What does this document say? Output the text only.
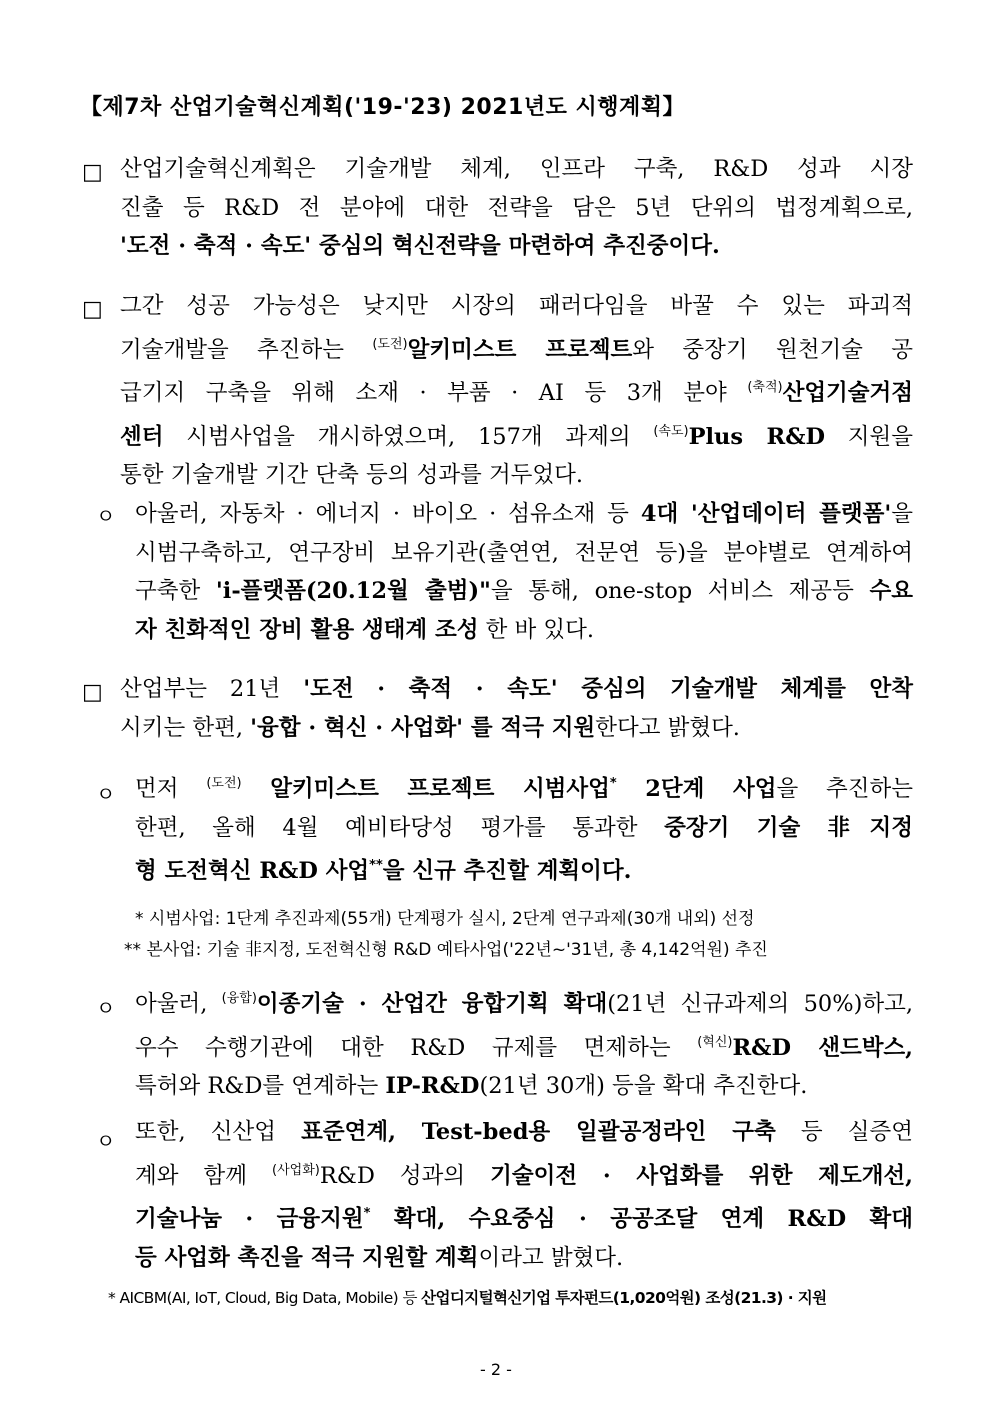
【제7차 산업기술혁신계획('19-'23) 2021년도 시행계획】
□ 산업기술혁신계획은 기술개발 체계, 인프라 구축, R&D 성과 시장
진출 등 R&D 전 분야에 대한 전략을 담은 5년 단위의 법정계획으로,
'도전 · 축적 · 속도' 중심의 혁신전략을 마련하여 추진중이다.
□ 그간 성공 가능성은 낮지만 시장의 패러다임을 바꿀 수 있는 파괴적
기술개발을 추진하는 $^{(도전)}$알키미스트 프로젝트와 중장기 원천기술 공
급기지 구축을 위해 소재 · 부품 · AI 등 3개 분야 $^{(축적)}$산업기술거점
센터 시범사업을 개시하였으며, 157개 과제의 $^{(속도)}$Plus R&D 지원을
통한 기술개발 기간 단축 등의 성과를 거두었다.
ㅇ 아울러, 자동차 · 에너지 · 바이오 · 섬유소재 등 4대 '산업데이터 플랫폼'을
시범구축하고, 연구장비 보유기관(출연연, 전문연 등)을 분야별로 연계하여
구축한 'i-플랫폼(20.12월 출범)"을 통해, one-stop 서비스 제공등 수요
자 친화적인 장비 활용 생태계 조성 한 바 있다.
□ 산업부는 21년 '도전 · 축적 · 속도' 중심의 기술개발 체계를 안착
시키는 한편, '융합 · 혁신 · 사업화' 를 적극 지원한다고 밝혔다.
ㅇ 먼저 $^{(도전)}$ 알키미스트 프로젝트 시범사업* 2단계 사업을 추진하는
한편, 올해 4월 예비타당성 평가를 통과한 중장기 기술 非지정
형 도전혁신 R&D 사업**을 신규 추진할 계획이다.
* 시범사업: 1단계 추진과제(55개) 단계평가 실시, 2단계 연구과제(30개 내외) 선정
** 본사업: 기술 非지정, 도전혁신형 R&D 예타사업('22년~'31년, 총 4,142억원) 추진
ㅇ 아울러, $^{(융합)}$이종기술 · 산업간 융합기획 확대(21년 신규과제의 50%)하고,
우수 수행기관에 대한 R&D 규제를 면제하는 $^{(혁신)}$R&D 샌드박스,
특허와 R&D를 연계하는 IP-R&D(21년 30개) 등을 확대 추진한다.
ㅇ 또한, 신산업 표준연계, Test-bed용 일괄공정라인 구축 등 실증연
계와 함께 $^{(사업화)}$R&D 성과의 기술이전 · 사업화를 위한 제도개선,
기술나눔 · 금융지원* 확대, 수요중심 · 공공조달 연계 R&D 확대
등 사업화 촉진을 적극 지원할 계획이라고 밝혔다.
* AICBM(AI, IoT, Cloud, Big Data, Mobile) 등 산업디지털혁신기업 투자펀드(1,020억원) 조성(21.3) · 지원
- 2 -
